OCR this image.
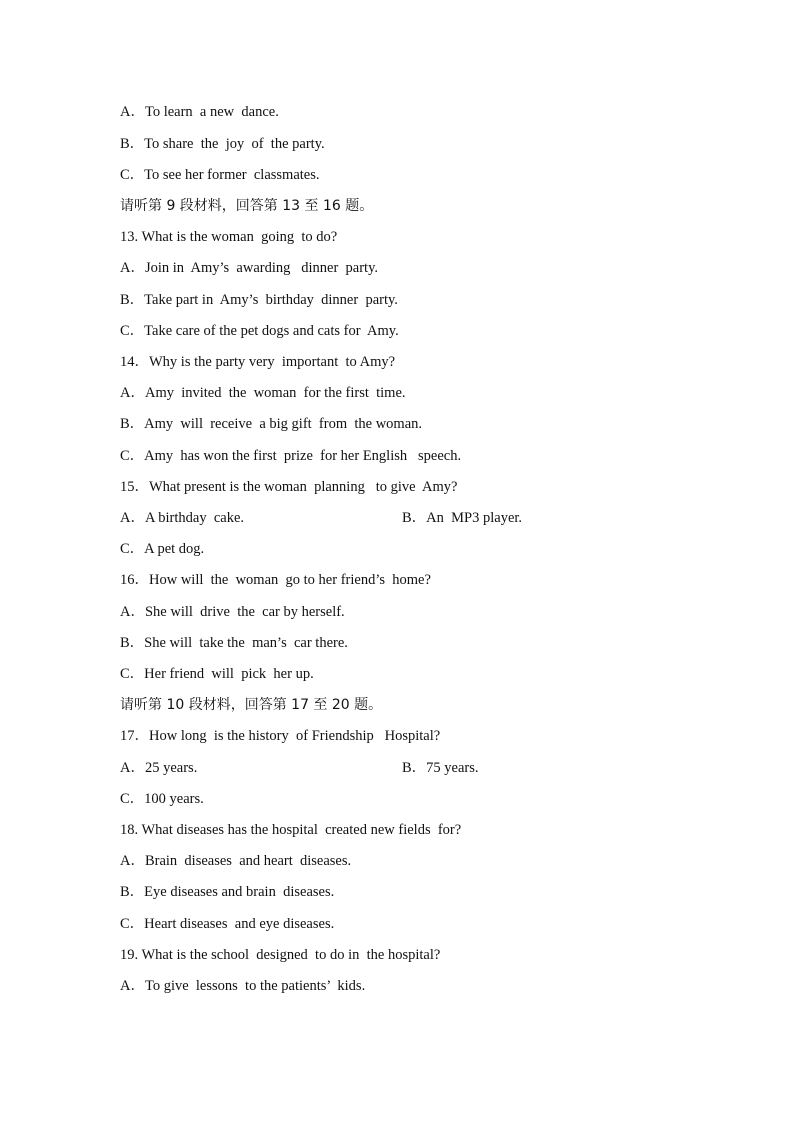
A．To learn  a new  dance.
B．To share  the  joy  of  the party.
C．To see her former  classmates.
请听第 9 段材料，回答第 13 至 16 题。
13. What is the woman  going  to do?
A．Join in  Amy’s  awarding   dinner  party.
B．Take part in  Amy’s  birthday  dinner  party.
C．Take care of the pet dogs and cats for  Amy.
14．Why is the party very  important  to Amy?
A．Amy  invited  the  woman  for the first  time.
B．Amy  will  receive  a big gift  from  the woman.
C．Amy  has won the first  prize  for her English   speech.
15．What present is the woman  planning   to give  Amy?
A．A birthday  cake.	B．An  MP3 player.
C．A pet dog.
16．How will  the  woman  go to her friend’s  home?
A．She will  drive  the  car by herself.
B．She will  take the  man’s  car there.
C．Her friend  will  pick  her up.
请听第 10 段材料，回答第 17 至 20 题。
17．How long  is the history  of Friendship   Hospital?
A．25 years.	B．75 years.
C．100 years.
18. What diseases has the hospital  created new fields  for?
A．Brain  diseases  and heart  diseases.
B．Eye diseases and brain  diseases.
C．Heart diseases  and eye diseases.
19. What is the school  designed  to do in  the hospital?
A．To give  lessons  to the patients’  kids.
